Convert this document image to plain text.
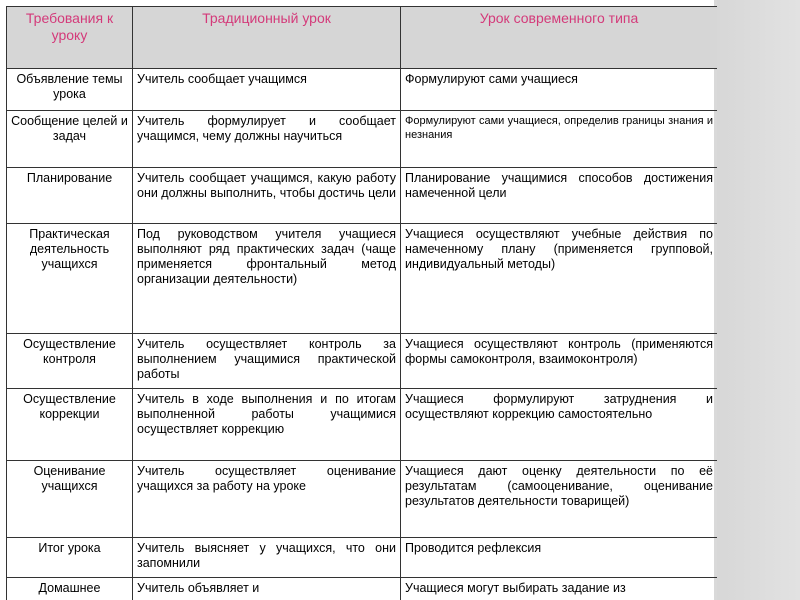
Требования к уроку	Традиционный урок	Урок современного типа
Объявление темы урока	Учитель сообщает учащимся	Формулируют сами учащиеся
Сообщение целей и задач	Учитель формулирует и сообщает учащимся, чему должны научиться	Формулируют сами учащиеся, определив границы знания и незнания
Планирование	Учитель сообщает учащимся, какую работу они должны выполнить, чтобы достичь цели	Планирование учащимися способов достижения намеченной цели
Практическая деятельность учащихся	Под руководством учителя учащиеся выполняют ряд практических задач (чаще применяется фронтальный метод организации деятельности)	Учащиеся осуществляют учебные действия по намеченному плану (применяется групповой, индивидуальный методы)
Осуществление контроля	Учитель осуществляет контроль за выполнением учащимися практической работы	Учащиеся осуществляют контроль (применяются формы самоконтроля, взаимоконтроля)
Осуществление коррекции	Учитель в ходе выполнения и по итогам выполненной работы учащимися осуществляет коррекцию	Учащиеся формулируют затруднения и осуществляют коррекцию самостоятельно
Оценивание учащихся	Учитель осуществляет оценивание учащихся за работу на уроке	Учащиеся дают оценку деятельности по её результатам (самооценивание, оценивание результатов деятельности товарищей)
Итог урока	Учитель выясняет у учащихся, что они запомнили	Проводится рефлексия
Домашнее	Учитель объявляет и	Учащиеся могут выбирать задание из
